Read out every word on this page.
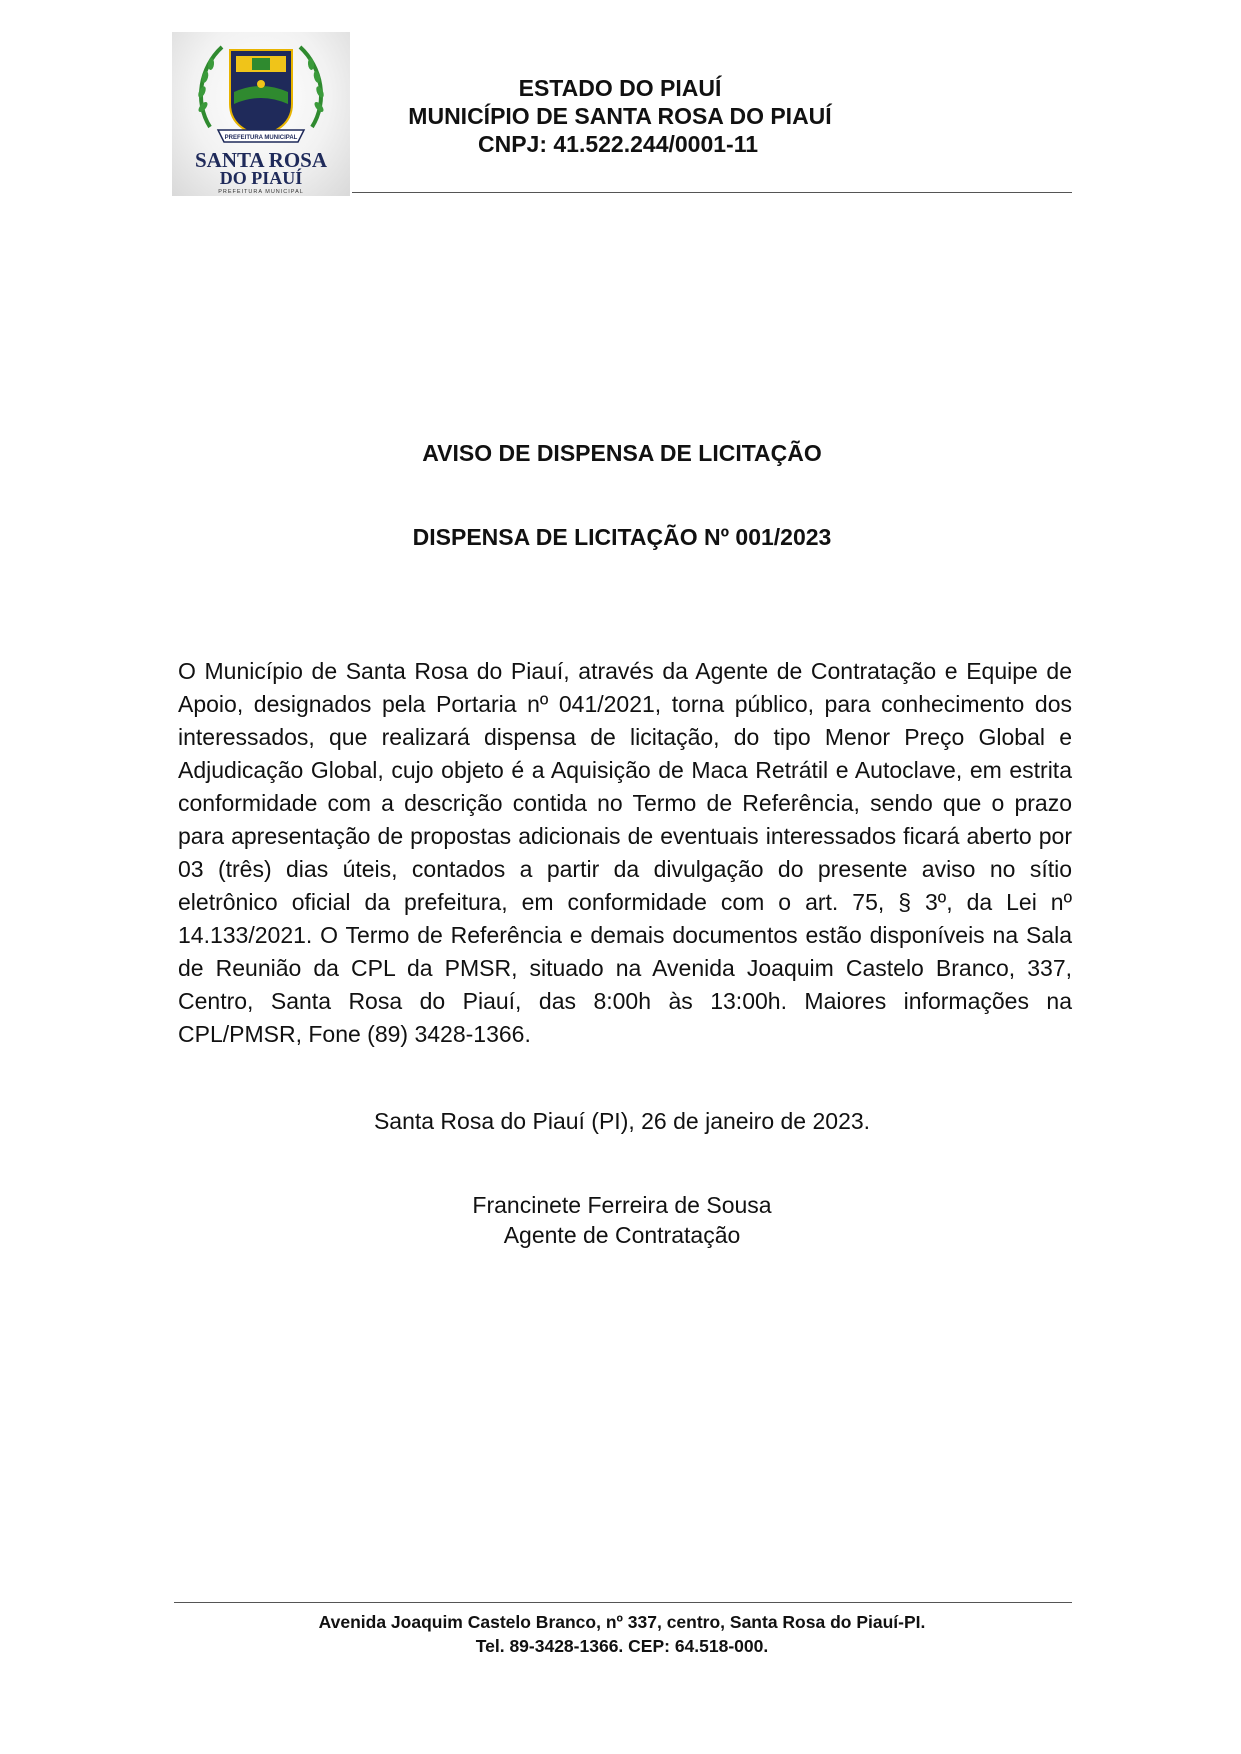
PREFEITURA MUNICIPAL
SANTA ROSA
DO PIAUÍ
PREFEITURA MUNICIPAL
ESTADO DO PIAUÍ
MUNICÍPIO DE SANTA ROSA DO PIAUÍ
CNPJ: 41.522.244/0001-11
AVISO DE DISPENSA DE LICITAÇÃO
DISPENSA DE LICITAÇÃO Nº 001/2023
O Município de Santa Rosa do Piauí, através da Agente de Contratação e Equipe de Apoio, designados pela Portaria nº 041/2021, torna público, para conhecimento dos interessados, que realizará dispensa de licitação, do tipo Menor Preço Global e Adjudicação Global, cujo objeto é a Aquisição de Maca Retrátil e Autoclave, em estrita conformidade com a descrição contida no Termo de Referência, sendo que o prazo para apresentação de propostas adicionais de eventuais interessados ficará aberto por 03 (três) dias úteis, contados a partir da divulgação do presente aviso no sítio eletrônico oficial da prefeitura, em conformidade com o art. 75, § 3º, da Lei nº 14.133/2021. O Termo de Referência e demais documentos estão disponíveis na Sala de Reunião da CPL da PMSR, situado na Avenida Joaquim Castelo Branco, 337, Centro, Santa Rosa do Piauí, das 8:00h às 13:00h. Maiores informações na CPL/PMSR, Fone (89) 3428-1366.
Santa Rosa do Piauí (PI), 26 de janeiro de 2023.
Francinete Ferreira de Sousa
Agente de Contratação
Avenida Joaquim Castelo Branco, nº 337, centro, Santa Rosa do Piauí-PI.
Tel. 89-3428-1366. CEP: 64.518-000.
